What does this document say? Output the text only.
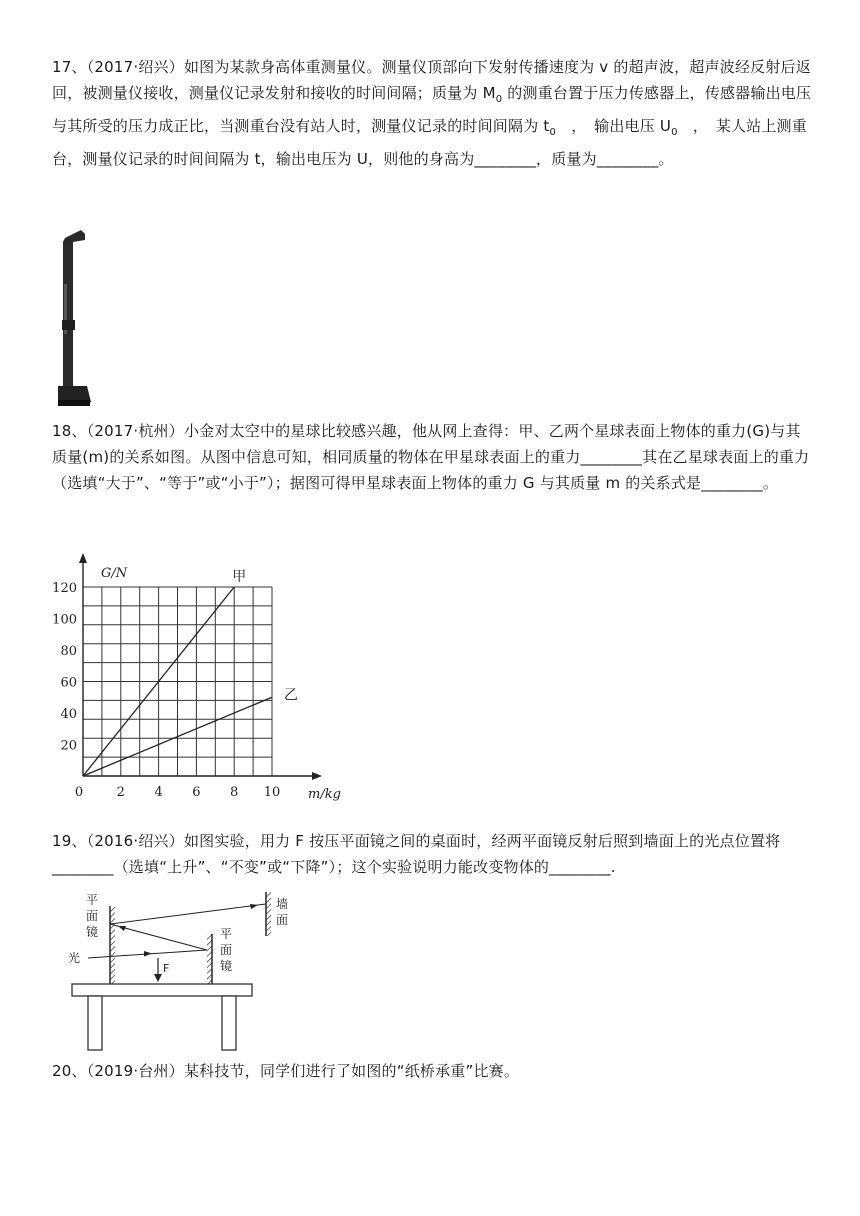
17、（2017·绍兴）如图为某款身高体重测量仪。测量仪顶部向下发射传播速度为 v 的超声波，超声波经反射后返回，被测量仪接收，测量仪记录发射和接收的时间间隔；质量为 $M_0$ 的测重台置于压力传感器上，传感器输出电压与其所受的压力成正比，当测重台没有站人时，测量仪记录的时间间隔为 $t_0$　，　输出电压 $U_0$　，　某人站上测重台，测量仪记录的时间间隔为 t，输出电压为 U，则他的身高为________，质量为________。

18、（2017·杭州）小金对太空中的星球比较感兴趣，他从网上查得：甲、乙两个星球表面上物体的重力(G)与其质量(m)的关系如图。从图中信息可知，相同质量的物体在甲星球表面上的重力________其在乙星球表面上的重力（选填“大于”、“等于”或“小于”）；据图可得甲星球表面上物体的重力 G 与其质量 m 的关系式是________。

2 4 6 8 10
20
40
60
80
100
120
0
G/N
m/kg
甲
乙

19、（2016·绍兴）如图实验，用力 F 按压平面镜之间的桌面时，经两平面镜反射后照到墙面上的光点位置将________（选填“上升”、“不变”或“下降”）；这个实验说明力能改变物体的________.

平
面
镜	平
面
镜
墙
面
光
F

20、（2019·台州）某科技节，同学们进行了如图的“纸桥承重”比赛。
